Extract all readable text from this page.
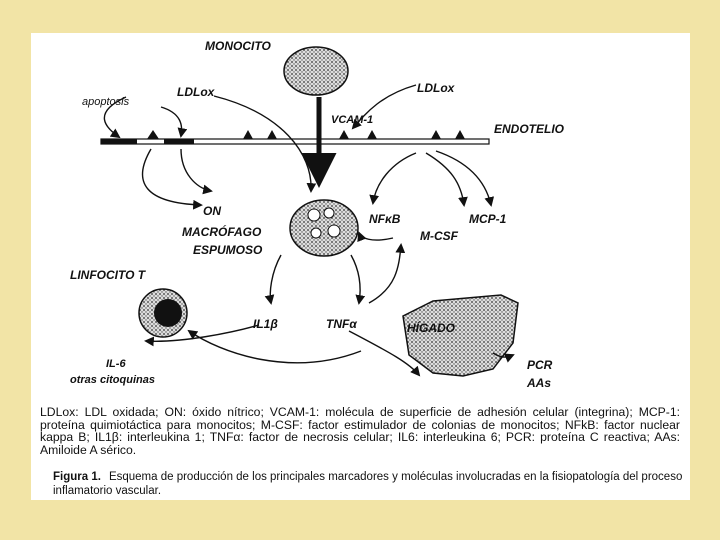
MONOCITO
LDLox	LDLox
apoptosis
VCAM-1
ENDOTELIO
ON
MACRÓFAGO
ESPUMOSO
NFκB	MCP-1
M-CSF
LINFOCITO T
IL1β	TNFα	HÍGADO
IL-6
otras citoquinas
PCR
AAs
LDLox: LDL oxidada; ON: óxido nítrico; VCAM-1: molécula de superficie de adhesión celular (integrina); MCP-1: proteína quimiotáctica para monocitos; M-CSF: factor estimulador de colonias de monocitos; NFkB: factor nuclear kappa B; IL1β: interleukina 1; TNFα: factor de necrosis celular; IL6: interleukina 6; PCR: proteína C reactiva; AAs: Amiloide A sérico.
Figura 1. Esquema de producción de los principales marcadores y moléculas involucradas en la fisiopatología del proceso inflamatorio vascular.
